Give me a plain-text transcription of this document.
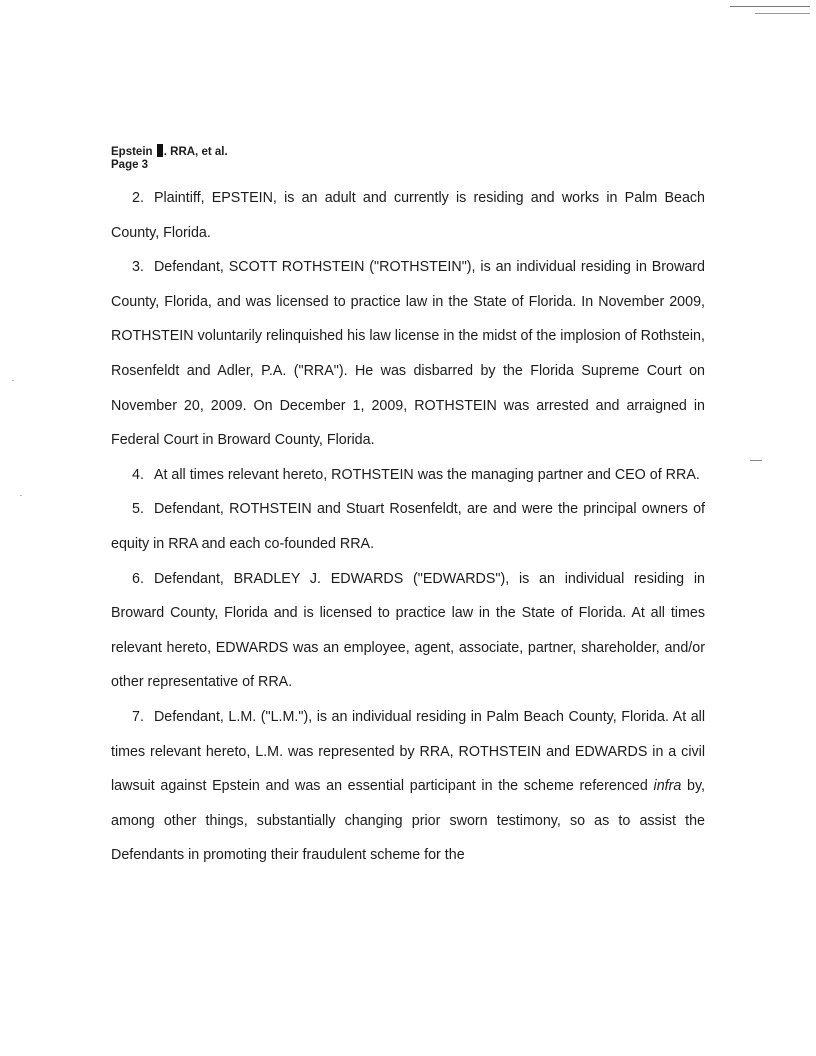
Epstein . RRA, et al.
Page 3

2. Plaintiff, EPSTEIN, is an adult and currently is residing and works in Palm Beach County, Florida.

3. Defendant, SCOTT ROTHSTEIN ("ROTHSTEIN"), is an individual residing in Broward County, Florida, and was licensed to practice law in the State of Florida. In November 2009, ROTHSTEIN voluntarily relinquished his law license in the midst of the implosion of Rothstein, Rosenfeldt and Adler, P.A. ("RRA"). He was disbarred by the Florida Supreme Court on November 20, 2009. On December 1, 2009, ROTHSTEIN was arrested and arraigned in Federal Court in Broward County, Florida.

4. At all times relevant hereto, ROTHSTEIN was the managing partner and CEO of RRA.

5. Defendant, ROTHSTEIN and Stuart Rosenfeldt, are and were the principal owners of equity in RRA and each co-founded RRA.

6. Defendant, BRADLEY J. EDWARDS ("EDWARDS"), is an individual residing in Broward County, Florida and is licensed to practice law in the State of Florida. At all times relevant hereto, EDWARDS was an employee, agent, associate, partner, shareholder, and/or other representative of RRA.

7. Defendant, L.M. ("L.M."), is an individual residing in Palm Beach County, Florida. At all times relevant hereto, L.M. was represented by RRA, ROTHSTEIN and EDWARDS in a civil lawsuit against Epstein and was an essential participant in the scheme referenced infra by, among other things, substantially changing prior sworn testimony, so as to assist the Defendants in promoting their fraudulent scheme for the
